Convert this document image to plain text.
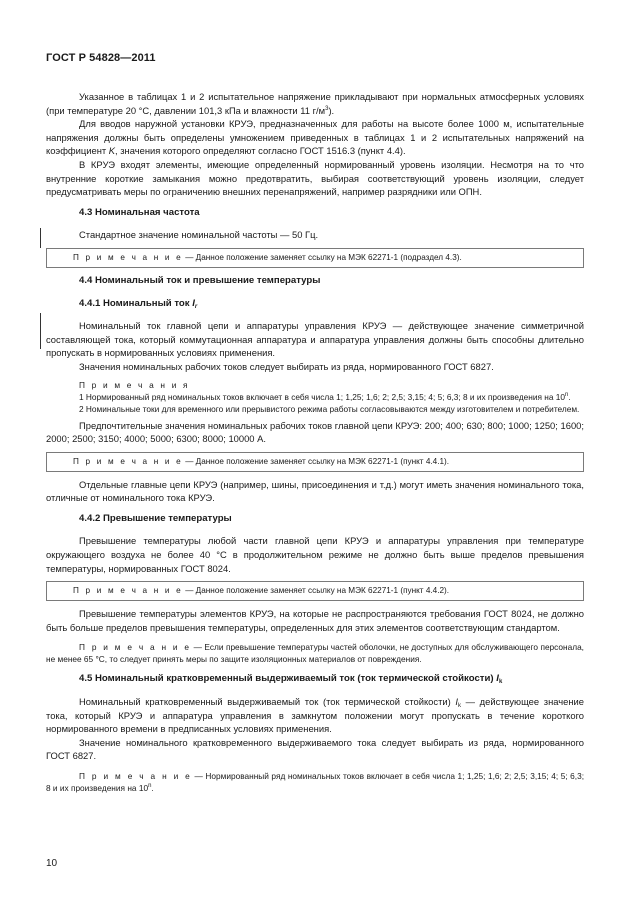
ГОСТ Р 54828—2011

Указанное в таблицах 1 и 2 испытательное напряжение прикладывают при нормальных атмосферных условиях (при температуре 20 °С, давлении 101,3 кПа и влажности 11 $г/м^3$).

Для вводов наружной установки КРУЭ, предназначенных для работы на высоте более 1000 м, испытательные напряжения должны быть определены умножением приведенных в таблицах 1 и 2 испытательных напряжений на коэффициент K, значения которого определяют согласно ГОСТ 1516.3 (пункт 4.4).

В КРУЭ входят элементы, имеющие определенный нормированный уровень изоляции. Несмотря на то что внутренние короткие замыкания можно предотвратить, выбирая соответствующий уровень изоляции, следует предусматривать меры по ограничению внешних перенапряжений, например разрядники или ОПН.

4.3 Номинальная частота

Стандартное значение номинальной частоты — 50 Гц.

П р и м е ч а н и е — Данное положение заменяет ссылку на МЭК 62271-1 (подраздел 4.3).
4.4 Номинальный ток и превышение температуры
4.4.1 Номинальный ток $I_r$

Номинальный ток главной цепи и аппаратуры управления КРУЭ — действующее значение симметричной составляющей тока, который коммутационная аппаратура и аппаратура управления должны быть способны длительно пропускать в нормированных условиях применения.

Значения номинальных рабочих токов следует выбирать из ряда, нормированного ГОСТ 6827.

П р и м е ч а н и я

1 Нормированный ряд номинальных токов включает в себя числа 1; 1,25; 1,6; 2; 2,5; 3,15; 4; 5; 6,3; 8 и их произведения на 10$^n$.

2 Номинальные токи для временного или прерывистого режима работы согласовываются между изготовителем и потребителем.

Предпочтительные значения номинальных рабочих токов главной цепи КРУЭ: 200; 400; 630; 800; 1000; 1250; 1600; 2000; 2500; 3150; 4000; 5000; 6300; 8000; 10000 А.

П р и м е ч а н и е — Данное положение заменяет ссылку на МЭК 62271-1 (пункт 4.4.1).

Отдельные главные цепи КРУЭ (например, шины, присоединения и т.д.) могут иметь значения номинального тока, отличные от номинального тока КРУЭ.

4.4.2 Превышение температуры

Превышение температуры любой части главной цепи КРУЭ и аппаратуры управления при температуре окружающего воздуха не более 40 °С в продолжительном режиме не должно быть выше пределов превышения температуры, нормированных ГОСТ 8024.

П р и м е ч а н и е — Данное положение заменяет ссылку на МЭК 62271-1 (пункт 4.4.2).

Превышение температуры элементов КРУЭ, на которые не распространяются требования ГОСТ 8024, не должно быть больше пределов превышения температуры, определенных для этих элементов соответствующим стандартом.

П р и м е ч а н и е — Если превышение температуры частей оболочки, не доступных для обслуживающего персонала, не менее 65 °С, то следует принять меры по защите изоляционных материалов от повреждения.

4.5 Номинальный кратковременный выдерживаемый ток (ток термической стойкости) $I_k$

Номинальный кратковременный выдерживаемый ток (ток термической стойкости) $I_k$ — действующее значение тока, который КРУЭ и аппаратура управления в замкнутом положении могут пропускать в течение короткого нормированного времени в предписанных условиях применения.

Значение номинального кратковременного выдерживаемого тока следует выбирать из ряда, нормированного ГОСТ 6827.

П р и м е ч а н и е — Нормированный ряд номинальных токов включает в себя числа 1; 1,25; 1,6; 2; 2,5; 3,15; 4; 5; 6,3; 8 и их произведения на 10$^n$.

10
